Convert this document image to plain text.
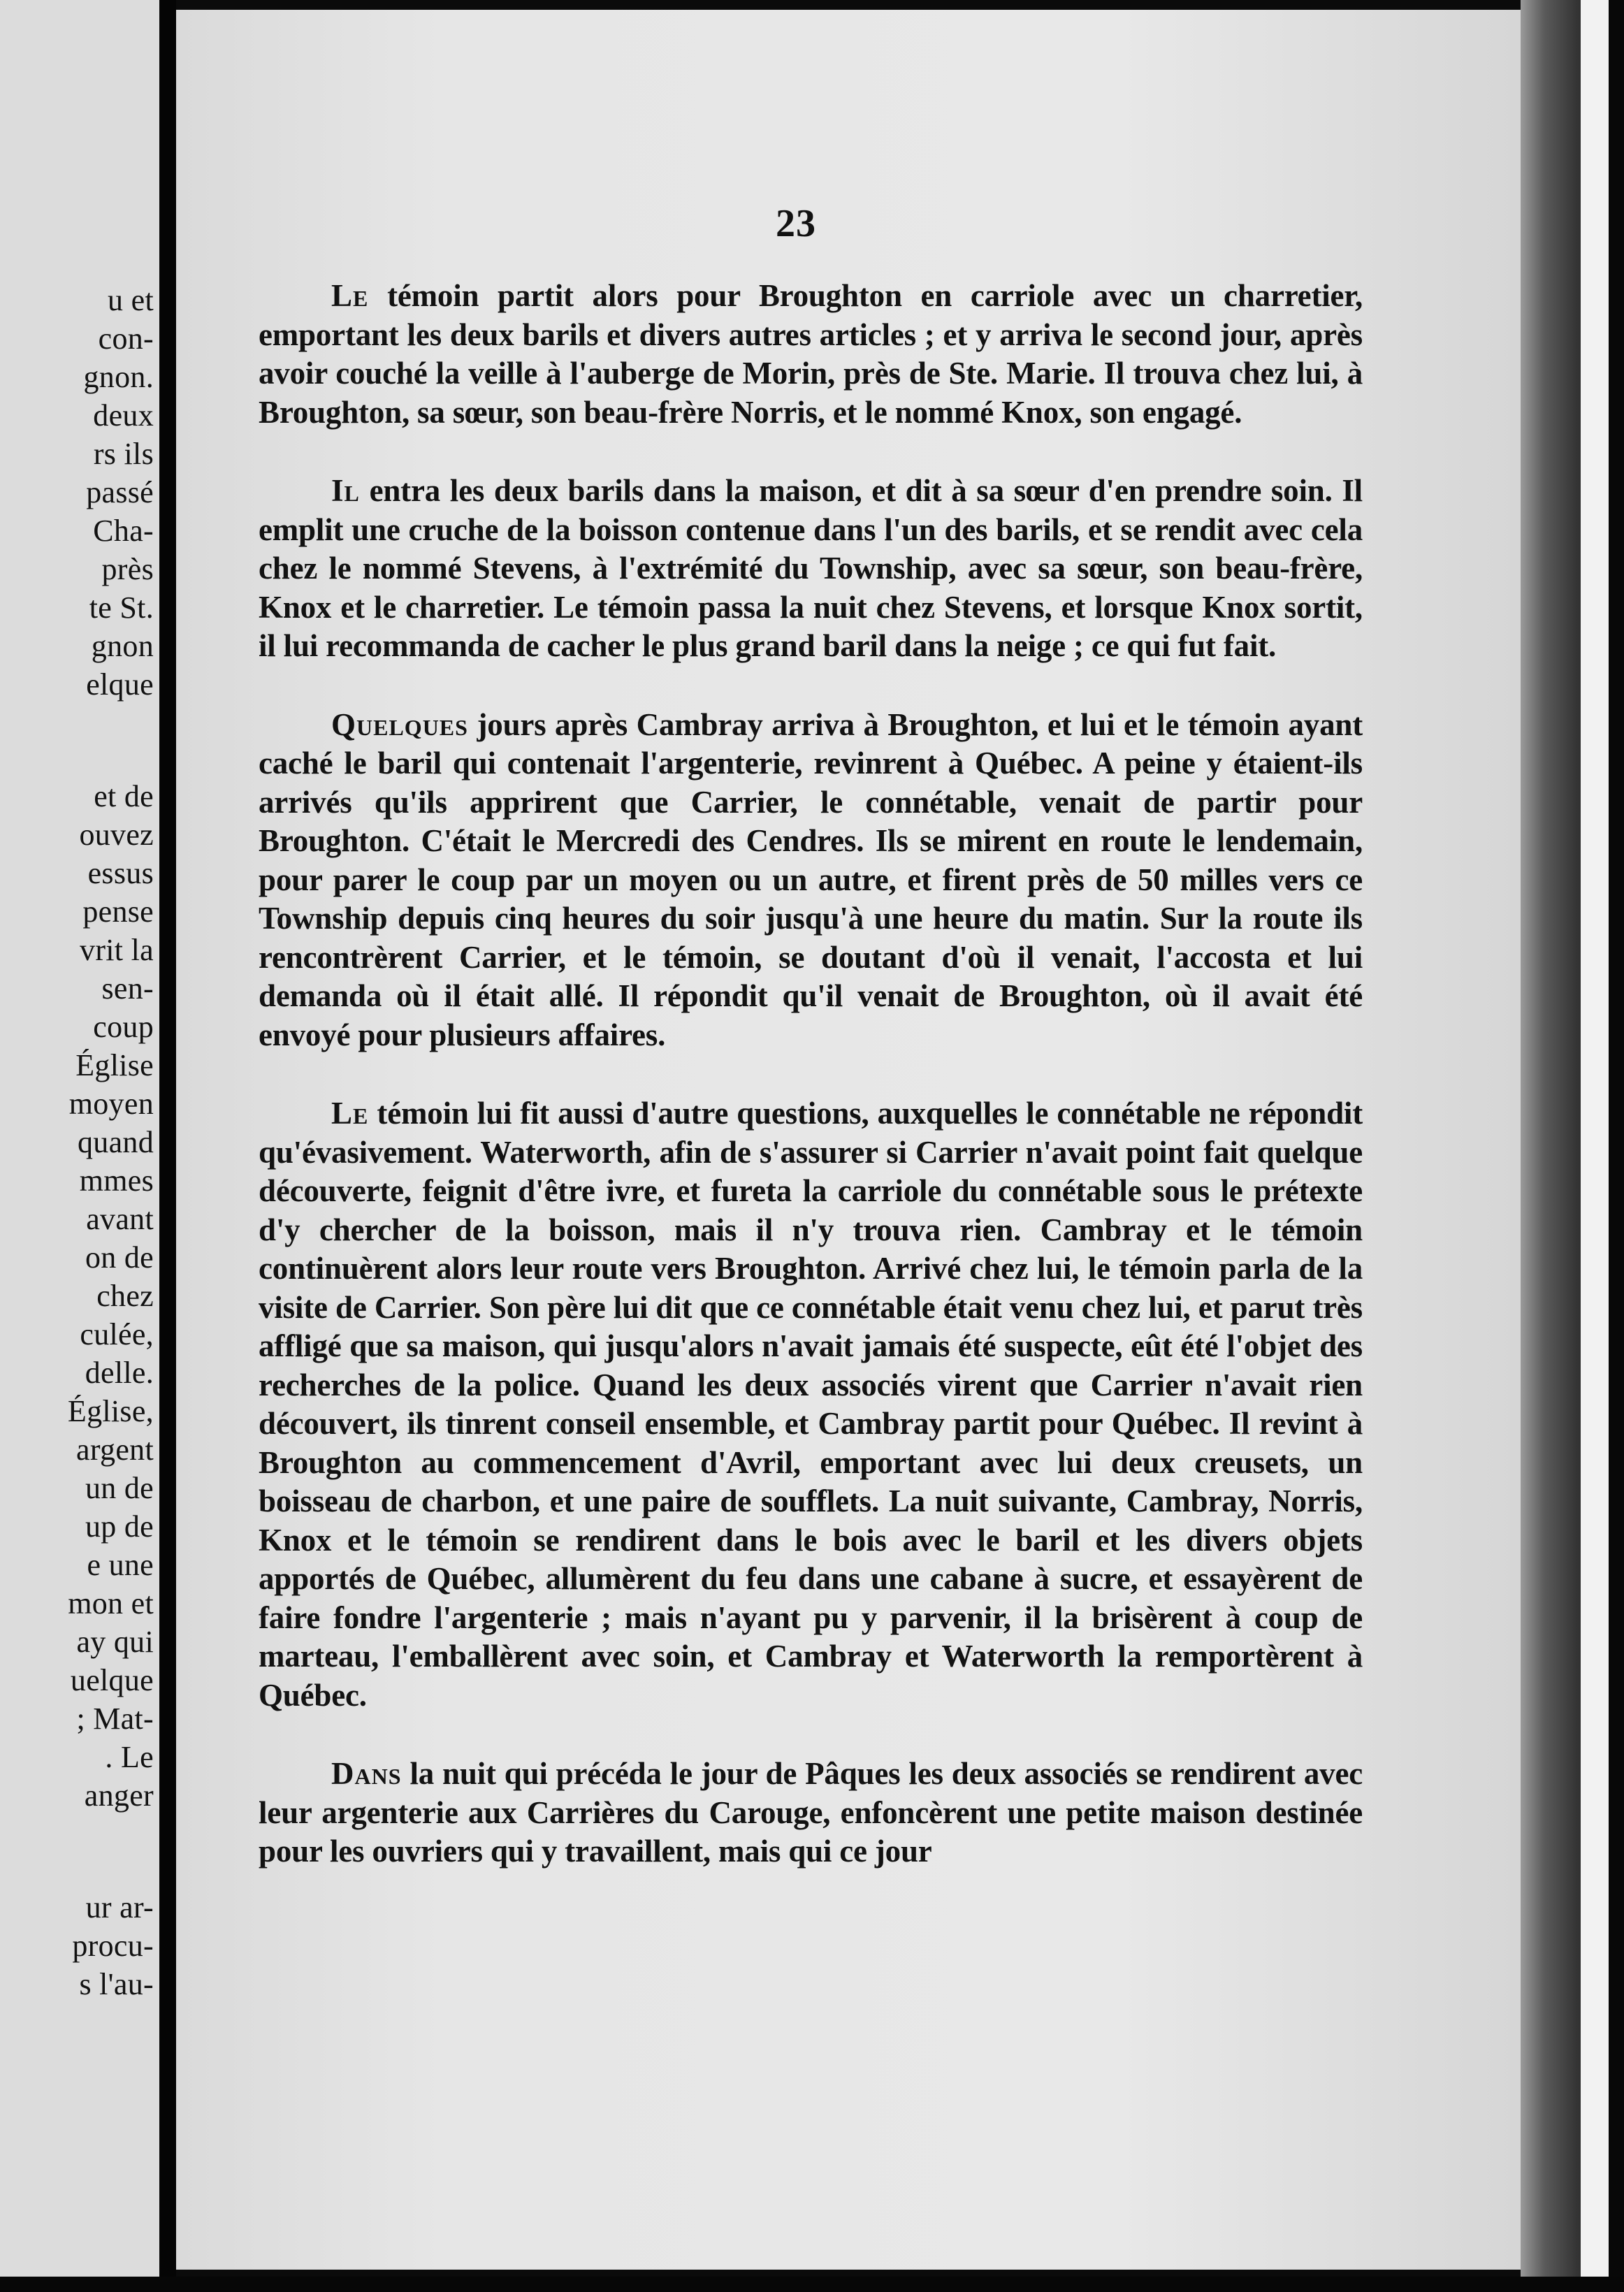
u et
con-
gnon.
deux
rs ils
passé
Cha-
près
te St.
gnon
elque
et de
ouvez
essus
pense
vrit la
sen-
coup
Église
moyen
quand
mmes
avant
on de
chez
culée,
delle.
Église,
argent
un de
up de
e une
mon et
ay qui
uelque
; Mat-
. Le
anger
ur ar-
procu-
s l'au-
23

Le témoin partit alors pour Broughton en carriole avec un charretier, emportant les deux barils et divers autres articles ; et y arriva le second jour, après avoir couché la veille à l'auberge de Morin, près de Ste. Marie. Il trouva chez lui, à Broughton, sa sœur, son beau-frère Norris, et le nommé Knox, son engagé.

Il entra les deux barils dans la maison, et dit à sa sœur d'en prendre soin. Il emplit une cruche de la boisson contenue dans l'un des barils, et se rendit avec cela chez le nommé Stevens, à l'extrémité du Township, avec sa sœur, son beau-frère, Knox et le charretier. Le témoin passa la nuit chez Stevens, et lorsque Knox sortit, il lui recommanda de cacher le plus grand baril dans la neige ; ce qui fut fait.

Quelques jours après Cambray arriva à Broughton, et lui et le témoin ayant caché le baril qui contenait l'argenterie, revinrent à Québec. A peine y étaient-ils arrivés qu'ils apprirent que Carrier, le connétable, venait de partir pour Broughton. C'était le Mercredi des Cendres. Ils se mirent en route le lendemain, pour parer le coup par un moyen ou un autre, et firent près de 50 milles vers ce Township depuis cinq heures du soir jusqu'à une heure du matin. Sur la route ils rencontrèrent Carrier, et le témoin, se doutant d'où il venait, l'accosta et lui demanda où il était allé. Il répondit qu'il venait de Broughton, où il avait été envoyé pour plusieurs affaires.

Le témoin lui fit aussi d'autre questions, auxquelles le connétable ne répondit qu'évasivement. Waterworth, afin de s'assurer si Carrier n'avait point fait quelque découverte, feignit d'être ivre, et fureta la carriole du connétable sous le prétexte d'y chercher de la boisson, mais il n'y trouva rien. Cambray et le témoin continuèrent alors leur route vers Broughton. Arrivé chez lui, le témoin parla de la visite de Carrier. Son père lui dit que ce connétable était venu chez lui, et parut très affligé que sa maison, qui jusqu'alors n'avait jamais été suspecte, eût été l'objet des recherches de la police. Quand les deux associés virent que Carrier n'avait rien découvert, ils tinrent conseil ensemble, et Cambray partit pour Québec. Il revint à Broughton au commencement d'Avril, emportant avec lui deux creusets, un boisseau de charbon, et une paire de soufflets. La nuit suivante, Cambray, Norris, Knox et le témoin se rendirent dans le bois avec le baril et les divers objets apportés de Québec, allumèrent du feu dans une cabane à sucre, et essayèrent de faire fondre l'argenterie ; mais n'ayant pu y parvenir, il la brisèrent à coup de marteau, l'emballèrent avec soin, et Cambray et Waterworth la remportèrent à Québec.

Dans la nuit qui précéda le jour de Pâques les deux associés se rendirent avec leur argenterie aux Carrières du Carouge, enfoncèrent une petite maison destinée pour les ouvriers qui y travaillent, mais qui ce jour
